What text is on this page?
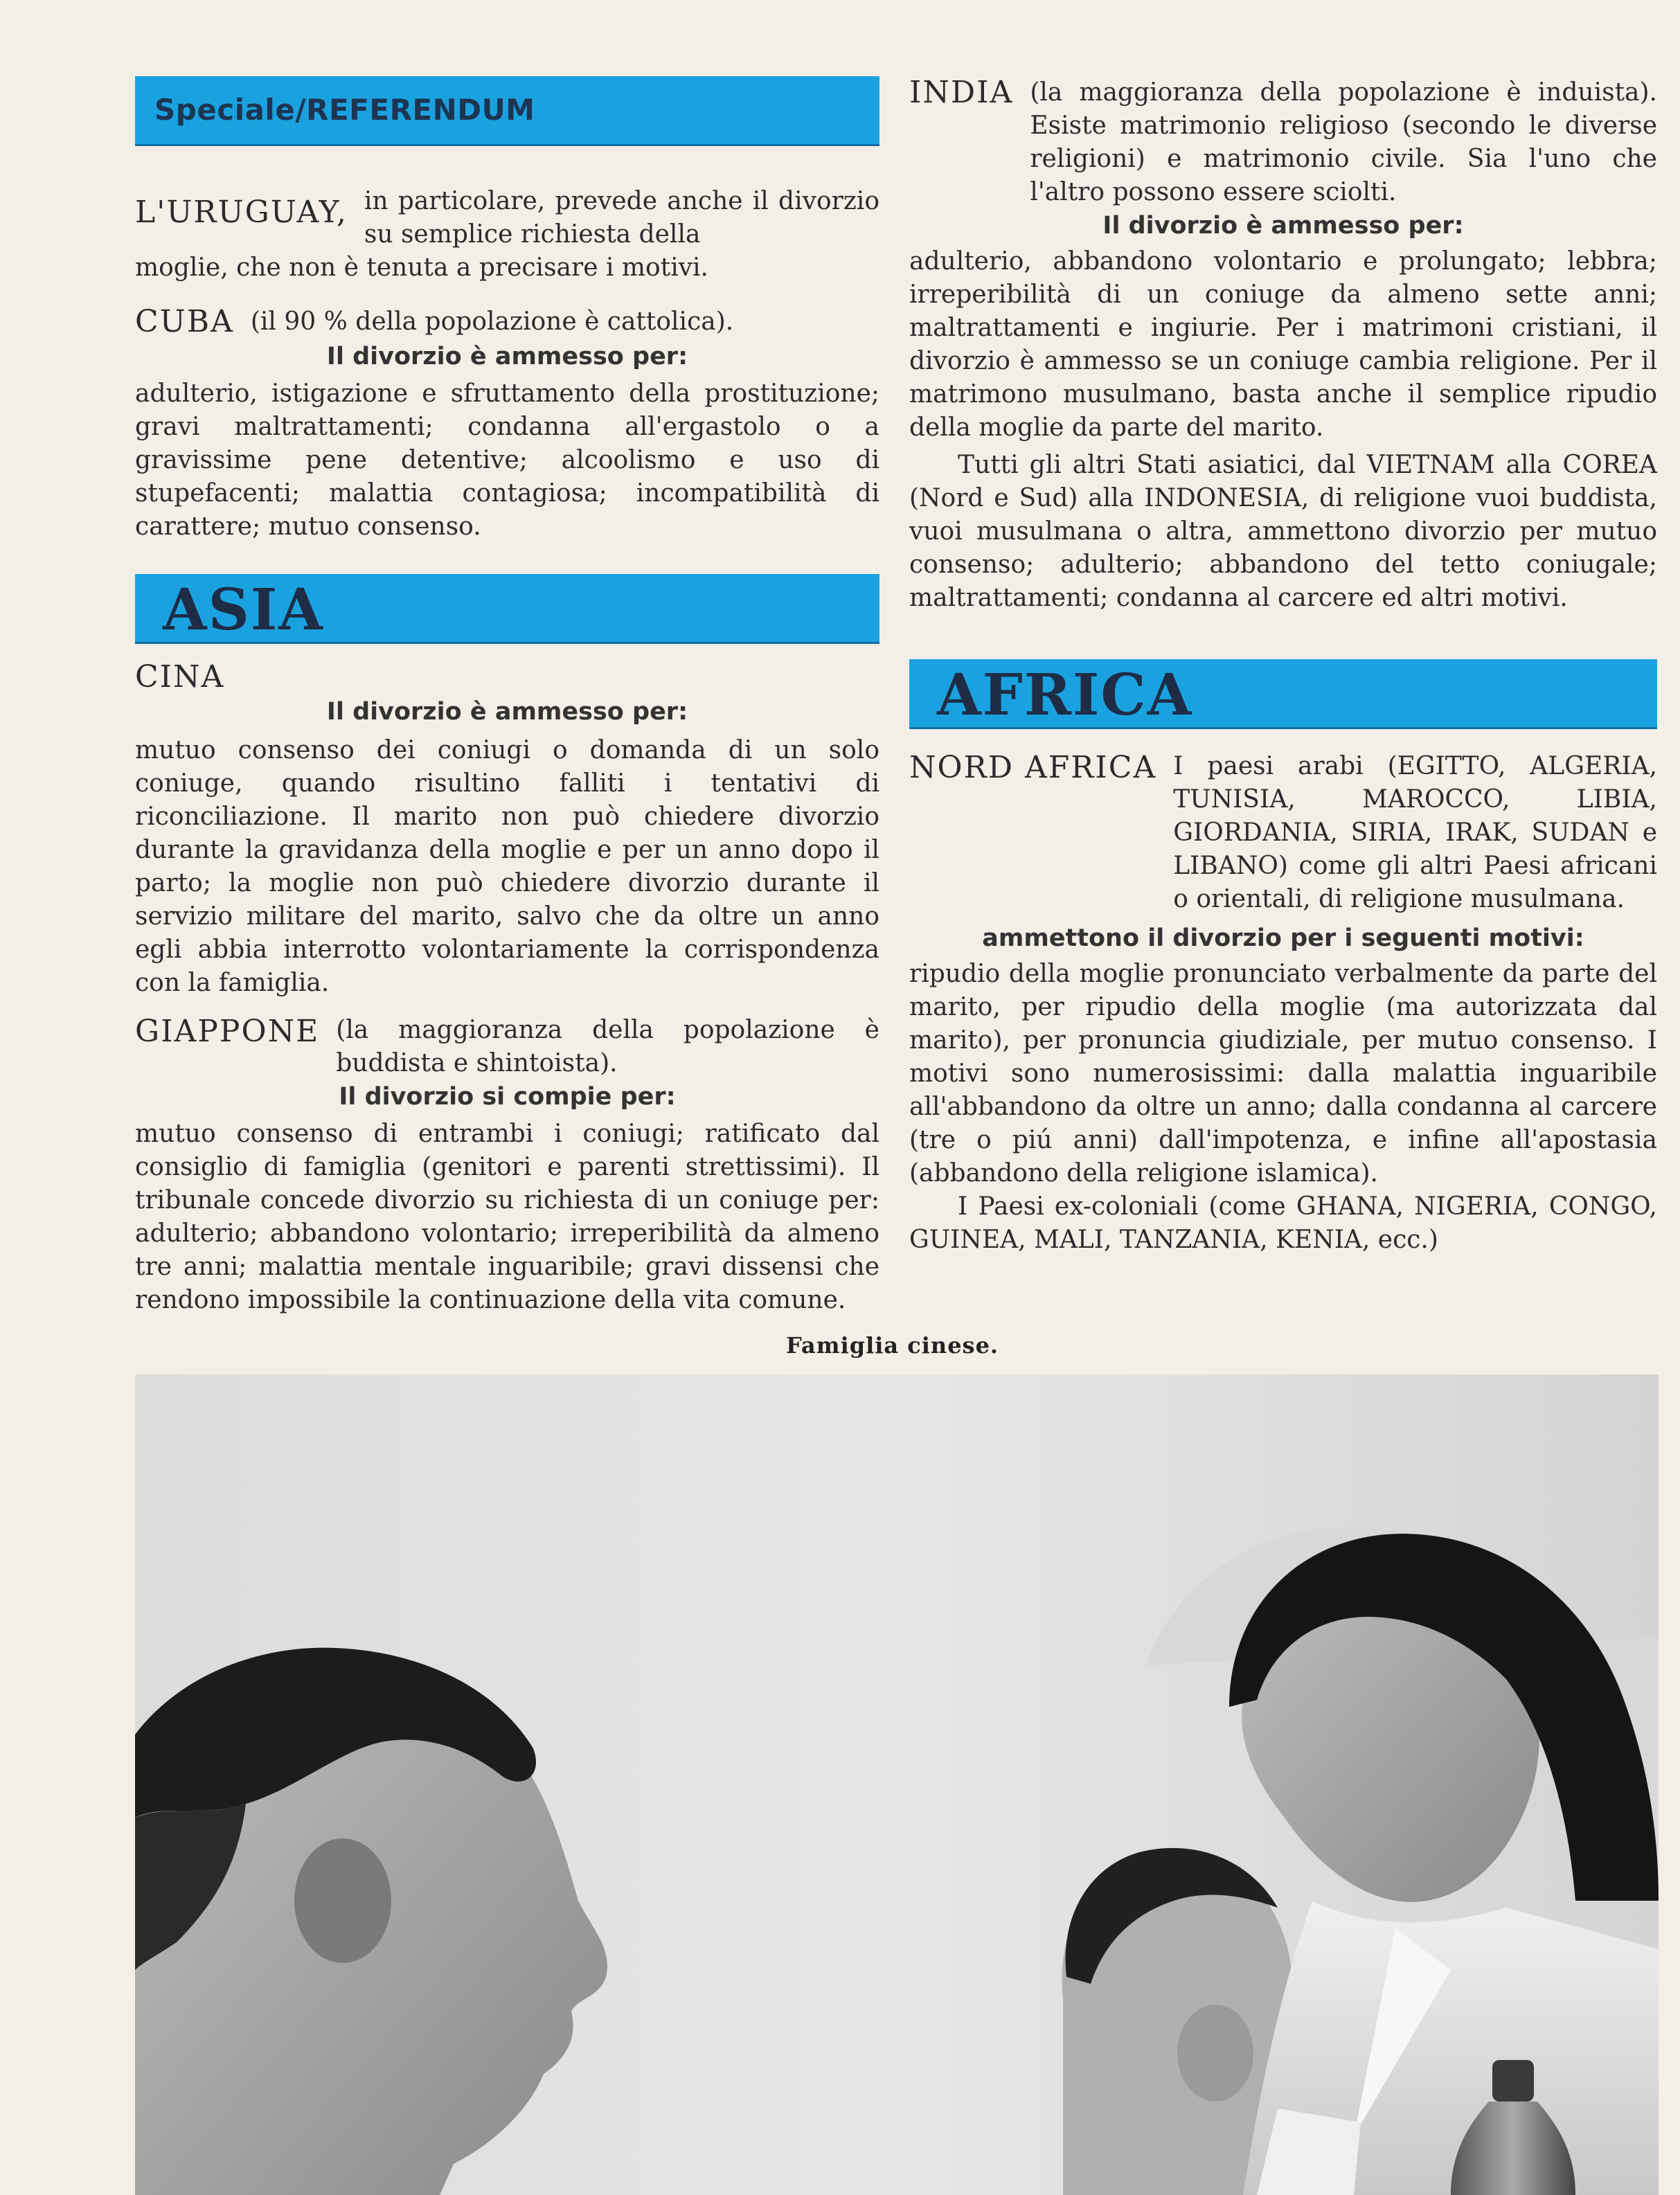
Speciale/REFERENDUM
L'URUGUAY, in particolare, prevede anche il divorzio su semplice richiesta della

moglie, che non è tenuta a precisare i motivi.

CUBA (il 90 % della popolazione è cattolica).
Il divorzio è ammesso per:

adulterio, istigazione e sfruttamento della prostituzione; gravi maltrattamenti; condanna all'ergastolo o a gravissime pene detentive; alcoolismo e uso di stupefacenti; malattia contagiosa; incompatibilità di carattere; mutuo consenso.

ASIA
CINA
Il divorzio è ammesso per:

mutuo consenso dei coniugi o domanda di un solo coniuge, quando risultino falliti i tentativi di riconciliazione. Il marito non può chiedere divorzio durante la gravidanza della moglie e per un anno dopo il parto; la moglie non può chiedere divorzio durante il servizio militare del marito, salvo che da oltre un anno egli abbia interrotto volontariamente la corrispondenza con la famiglia.

GIAPPONE (la maggioranza della popolazione è buddista e shintoista).
Il divorzio si compie per:

mutuo consenso di entrambi i coniugi; ratificato dal consiglio di famiglia (genitori e parenti strettissimi). Il tribunale concede divorzio su richiesta di un coniuge per: adulterio; abbandono volontario; irreperibilità da almeno tre anni; malattia mentale inguaribile; gravi dissensi che rendono impossibile la continuazione della vita comune.

INDIA (la maggioranza della popolazione è induista). Esiste matrimonio religioso (secondo le diverse religioni) e matrimonio civile. Sia l'uno che l'altro possono essere sciolti.
Il divorzio è ammesso per:

adulterio, abbandono volontario e prolungato; lebbra; irreperibilità di un coniuge da almeno sette anni; maltrattamenti e ingiurie. Per i matrimoni cristiani, il divorzio è ammesso se un coniuge cambia religione. Per il matrimono musulmano, basta anche il semplice ripudio della moglie da parte del marito.

Tutti gli altri Stati asiatici, dal VIETNAM alla COREA (Nord e Sud) alla INDONESIA, di religione vuoi buddista, vuoi musulmana o altra, ammettono divorzio per mutuo consenso; adulterio; abbandono del tetto coniugale; maltrattamenti; condanna al carcere ed altri motivi.

AFRICA
NORD AFRICA I paesi arabi (EGITTO, ALGERIA, TUNISIA, MAROCCO, LIBIA, GIORDANIA, SIRIA, IRAK, SUDAN e LIBANO) come gli altri Paesi africani o orientali, di religione musulmana.
ammettono il divorzio per i seguenti motivi:

ripudio della moglie pronunciato verbalmente da parte del marito, per ripudio della moglie (ma autorizzata dal marito), per pronuncia giudiziale, per mutuo consenso. I motivi sono numerosissimi: dalla malattia inguaribile all'abbandono da oltre un anno; dalla condanna al carcere (tre o piú anni) dall'impotenza, e infine all'apostasia (abbandono della religione islamica).

I Paesi ex-coloniali (come GHANA, NIGERIA, CONGO, GUINEA, MALI, TANZANIA, KENIA, ecc.)

Famiglia cinese.
